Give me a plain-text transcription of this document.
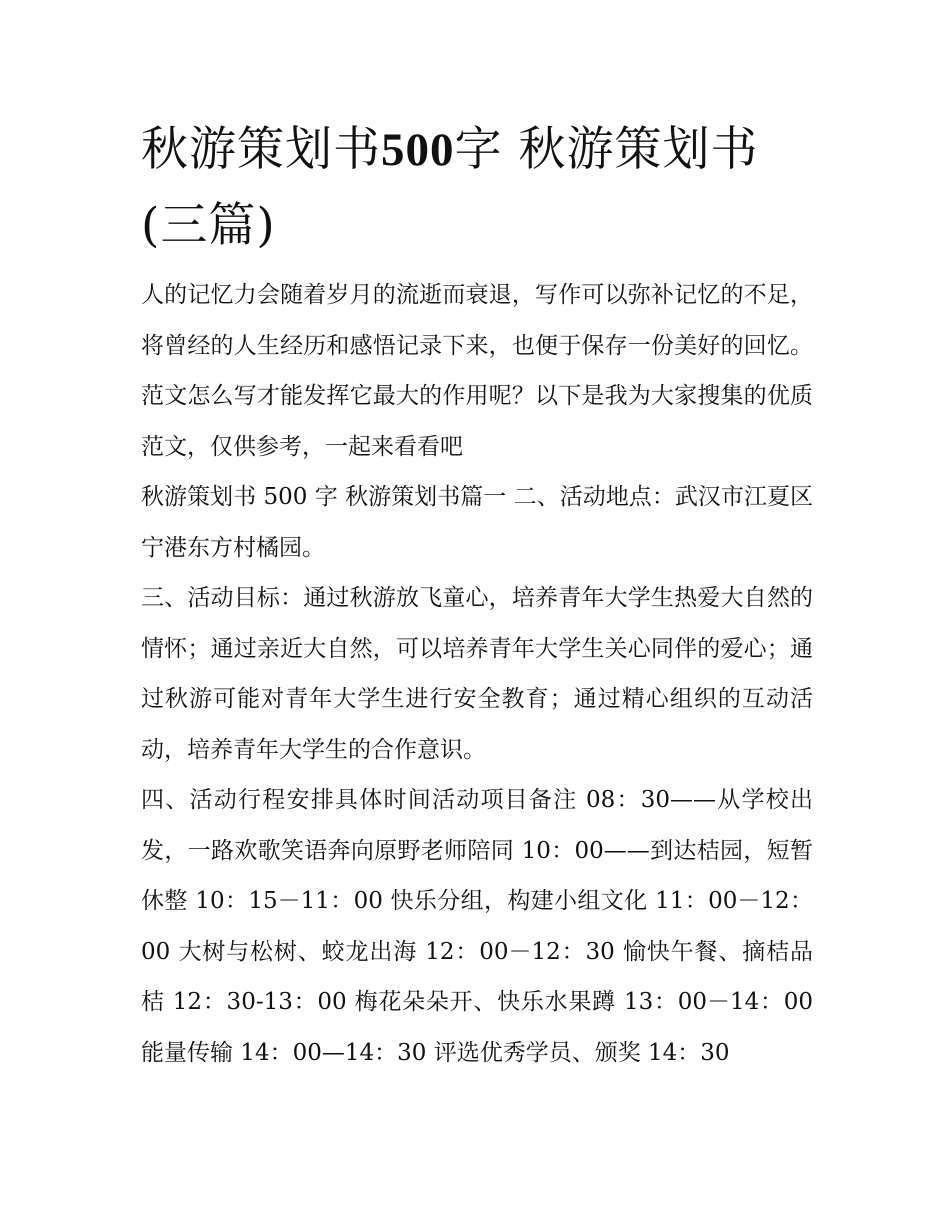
秋游策划书500字 秋游策划书(三篇)

人的记忆力会随着岁月的流逝而衰退，写作可以弥补记忆的不足，将曾经的人生经历和感悟记录下来，也便于保存一份美好的回忆。范文怎么写才能发挥它最大的作用呢？以下是我为大家搜集的优质范文，仅供参考，一起来看看吧

秋游策划书 500 字 秋游策划书篇一 二、活动地点：武汉市江夏区宁港东方村橘园。

三、活动目标：通过秋游放飞童心，培养青年大学生热爱大自然的情怀；通过亲近大自然，可以培养青年大学生关心同伴的爱心；通过秋游可能对青年大学生进行安全教育；通过精心组织的互动活动，培养青年大学生的合作意识。

四、活动行程安排具体时间活动项目备注 08：30——从学校出发，一路欢歌笑语奔向原野老师陪同 10：00——到达桔园，短暂休整 10：15－11：00 快乐分组，构建小组文化 11：00－12：00 大树与松树、蛟龙出海 12：00－12：30 愉快午餐、摘桔品桔 12：30-13：00 梅花朵朵开、快乐水果蹲 13：00－14：00 能量传输 14：00—14：30 评选优秀学员、颁奖 14：30
